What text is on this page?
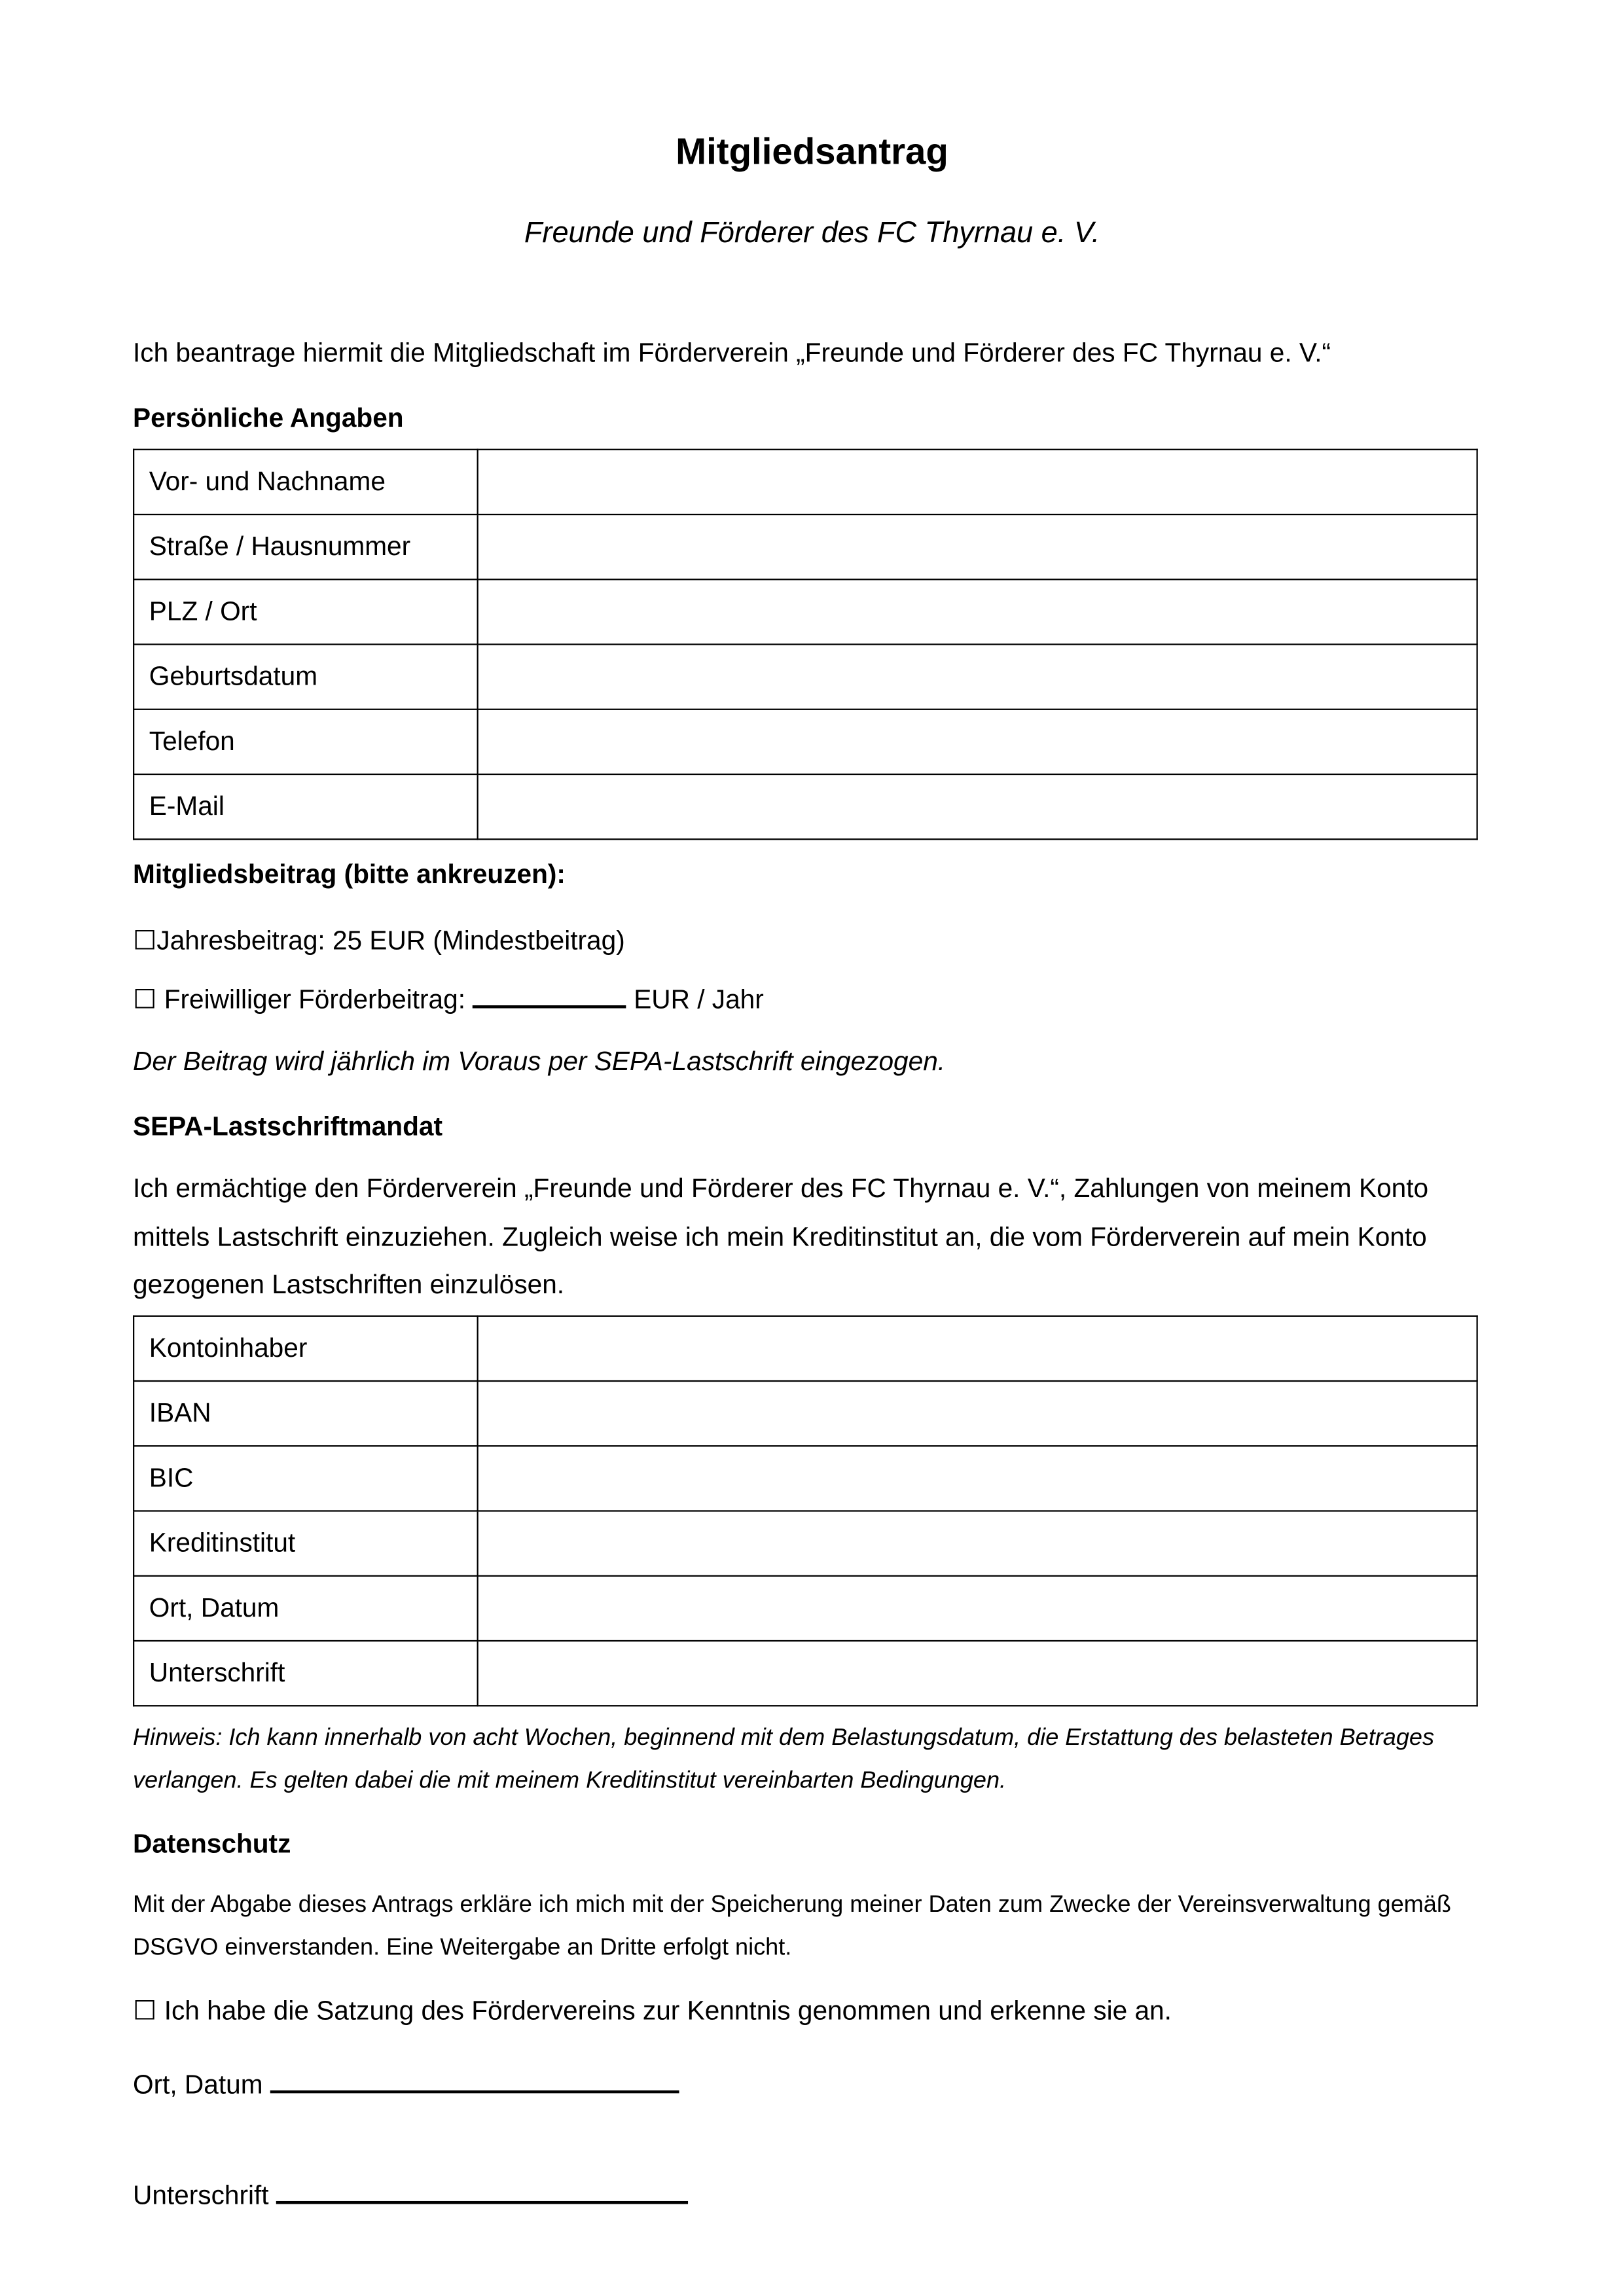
Mitgliedsantrag
Freunde und Förderer des FC Thyrnau e. V.
Ich beantrage hiermit die Mitgliedschaft im Förderverein „Freunde und Förderer des FC Thyrnau e. V.“
Persönliche Angaben
Vor- und Nachname	
Straße / Hausnummer	
PLZ / Ort	
Geburtsdatum	
Telefon	
E-Mail	
Mitgliedsbeitrag (bitte ankreuzen):
☐Jahresbeitrag: 25 EUR (Mindestbeitrag)
☐ Freiwilliger Förderbeitrag:	EUR / Jahr
Der Beitrag wird jährlich im Voraus per SEPA-Lastschrift eingezogen.
SEPA-Lastschriftmandat
Ich ermächtige den Förderverein „Freunde und Förderer des FC Thyrnau e. V.“, Zahlungen von meinem Konto mittels Lastschrift einzuziehen. Zugleich weise ich mein Kreditinstitut an, die vom Förderverein auf mein Konto gezogenen Lastschriften einzulösen.
Kontoinhaber	
IBAN	
BIC	
Kreditinstitut	
Ort, Datum	
Unterschrift	
Hinweis: Ich kann innerhalb von acht Wochen, beginnend mit dem Belastungsdatum, die Erstattung des belasteten Betrages verlangen. Es gelten dabei die mit meinem Kreditinstitut vereinbarten Bedingungen.
Datenschutz
Mit der Abgabe dieses Antrags erkläre ich mich mit der Speicherung meiner Daten zum Zwecke der Vereinsverwaltung gemäß DSGVO einverstanden. Eine Weitergabe an Dritte erfolgt nicht.
☐ Ich habe die Satzung des Fördervereins zur Kenntnis genommen und erkenne sie an.
Ort, Datum
Unterschrift
